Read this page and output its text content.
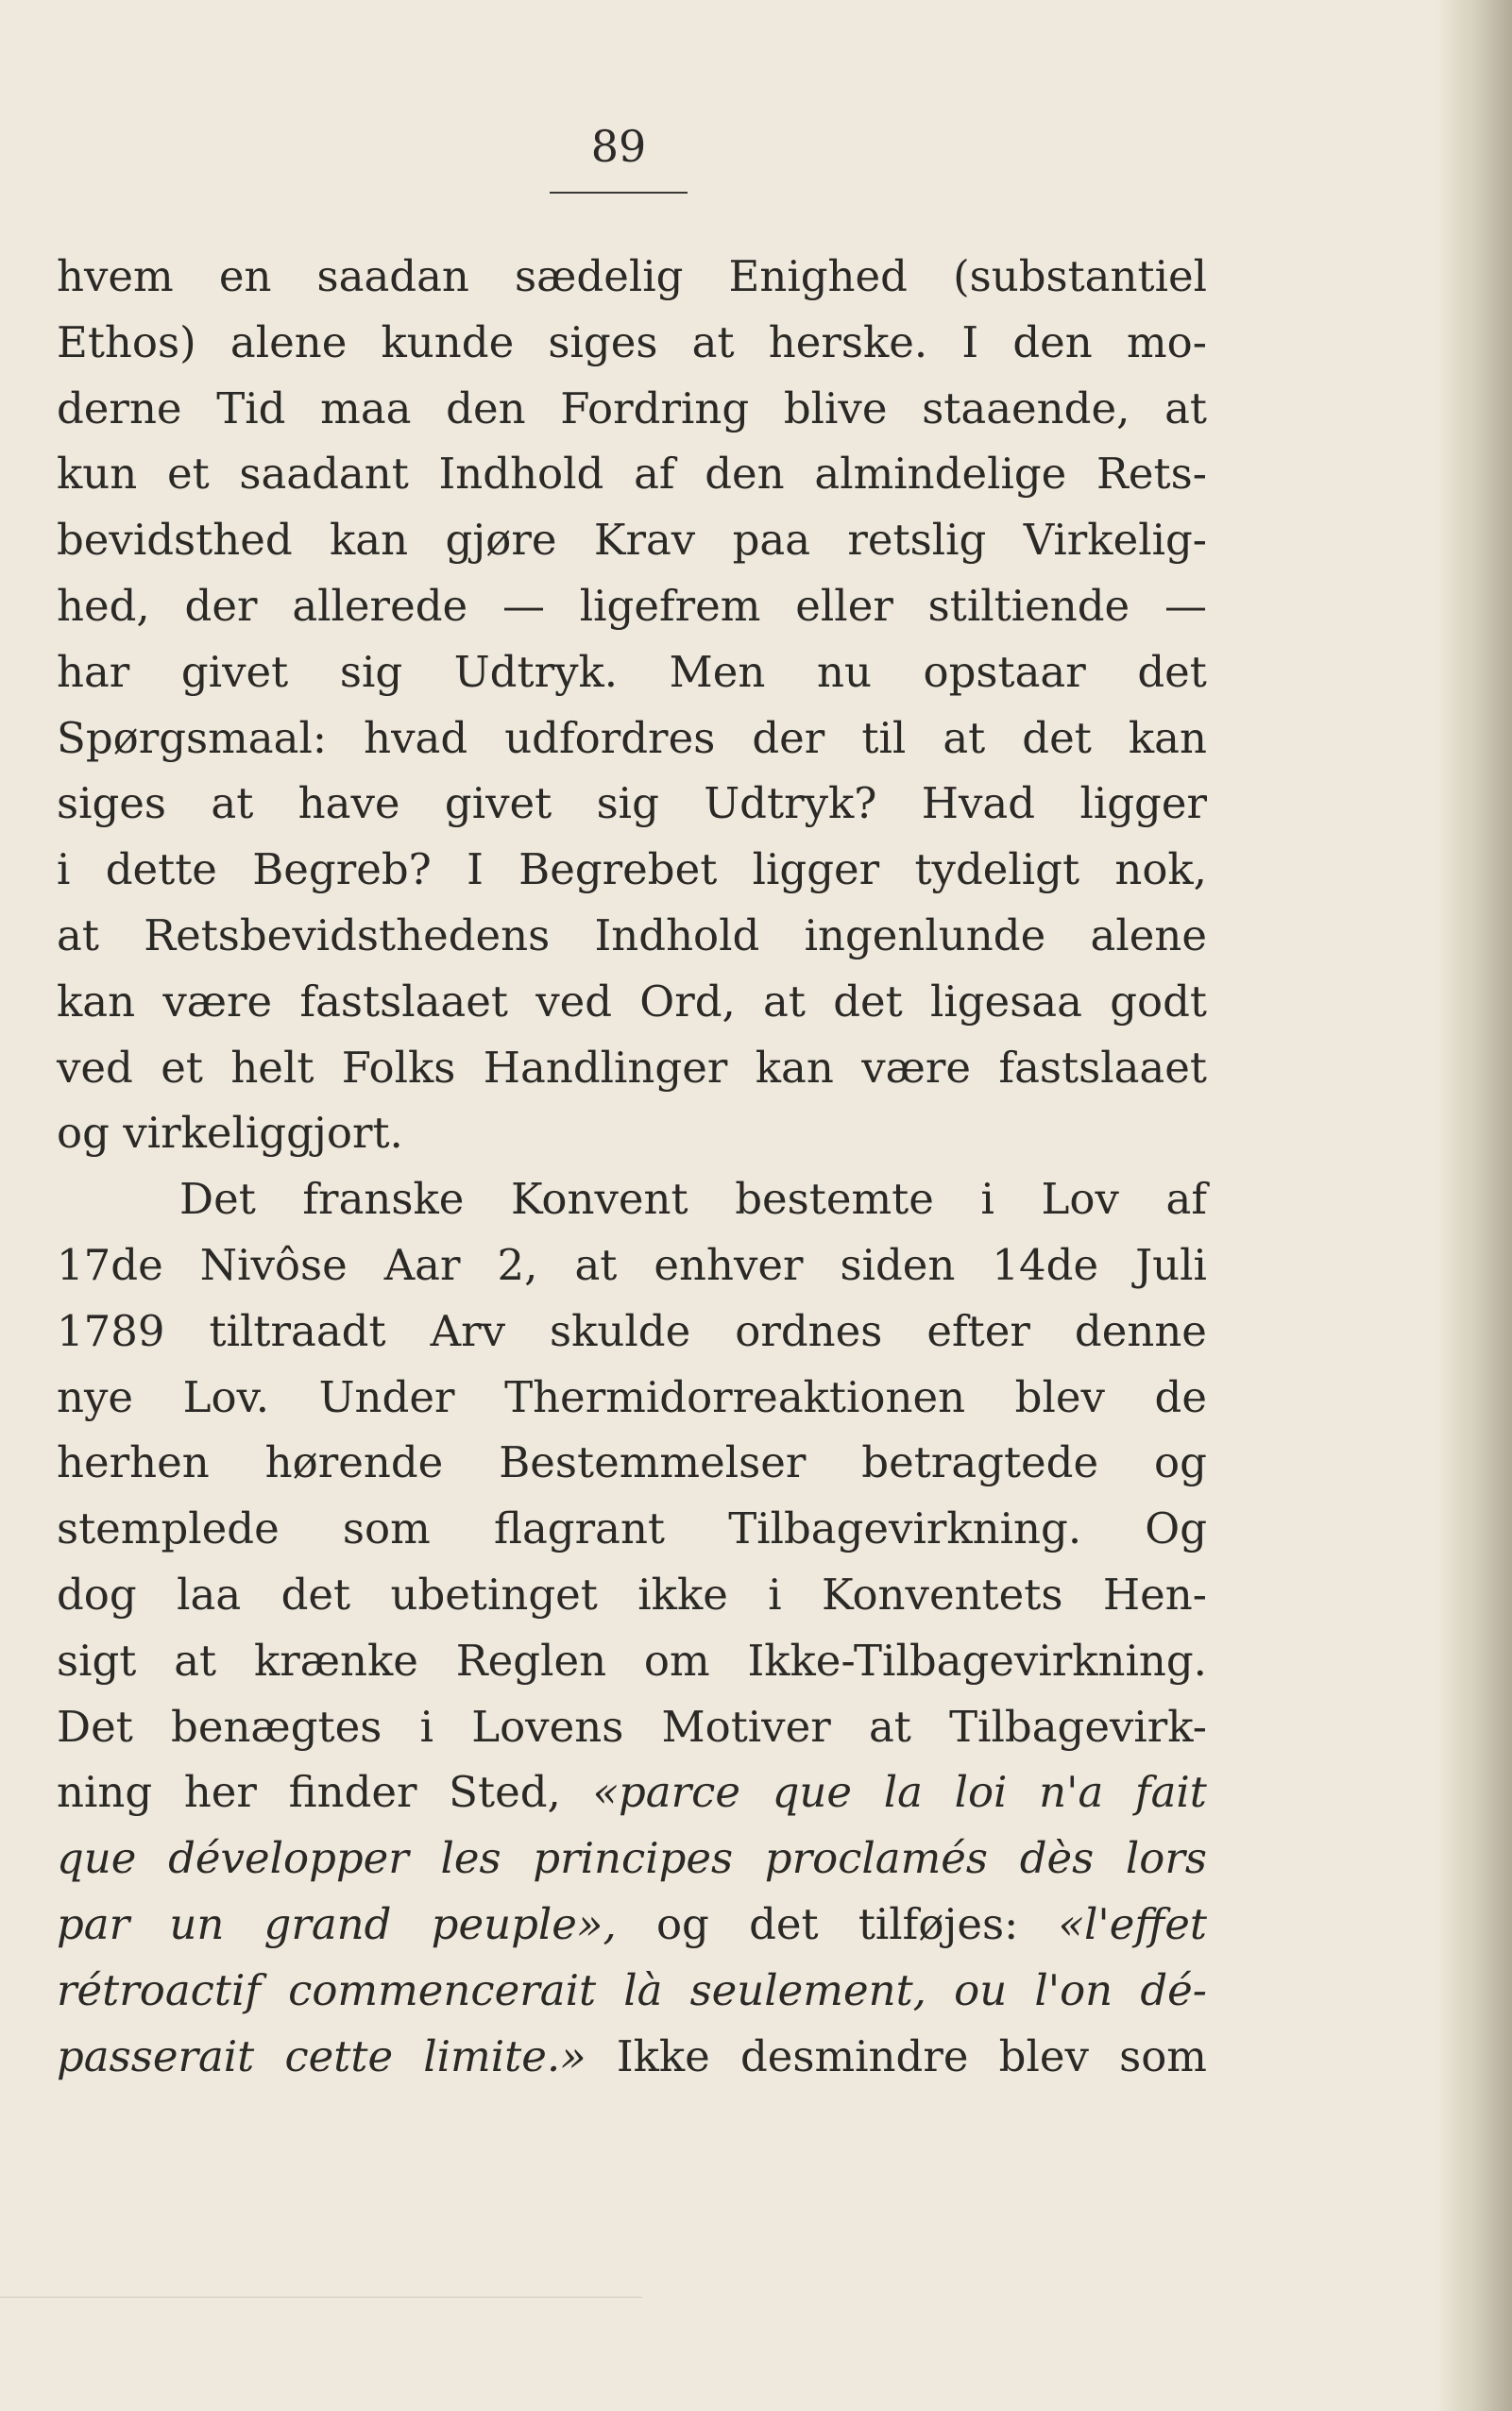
89
hvem en saadan sædelig Enighed (substantiel
Ethos) alene kunde siges at herske. I den mo-
derne Tid maa den Fordring blive staaende, at
kun et saadant Indhold af den almindelige Rets-
bevidsthed kan gjøre Krav paa retslig Virkelig-
hed, der allerede — ligefrem eller stiltiende —
har givet sig Udtryk. Men nu opstaar det
Spørgsmaal: hvad udfordres der til at det kan
siges at have givet sig Udtryk? Hvad ligger
i dette Begreb? I Begrebet ligger tydeligt nok,
at Retsbevidsthedens Indhold ingenlunde alene
kan være fastslaaet ved Ord, at det ligesaa godt
ved et helt Folks Handlinger kan være fastslaaet
og virkeliggjort.
Det franske Konvent bestemte i Lov af
17de Nivôse Aar 2, at enhver siden 14de Juli
1789 tiltraadt Arv skulde ordnes efter denne
nye Lov. Under Thermidorreaktionen blev de
herhen hørende Bestemmelser betragtede og
stemplede som flagrant Tilbagevirkning. Og
dog laa det ubetinget ikke i Konventets Hen-
sigt at krænke Reglen om Ikke-Tilbagevirkning.
Det benægtes i Lovens Motiver at Tilbagevirk-
ning her finder Sted, «parce que la loi n'a fait
que développer les principes proclamés dès lors
par un grand peuple», og det tilføjes: «l'effet
rétroactif commencerait là seulement, ou l'on dé-
passerait cette limite.» Ikke desmindre blev som
